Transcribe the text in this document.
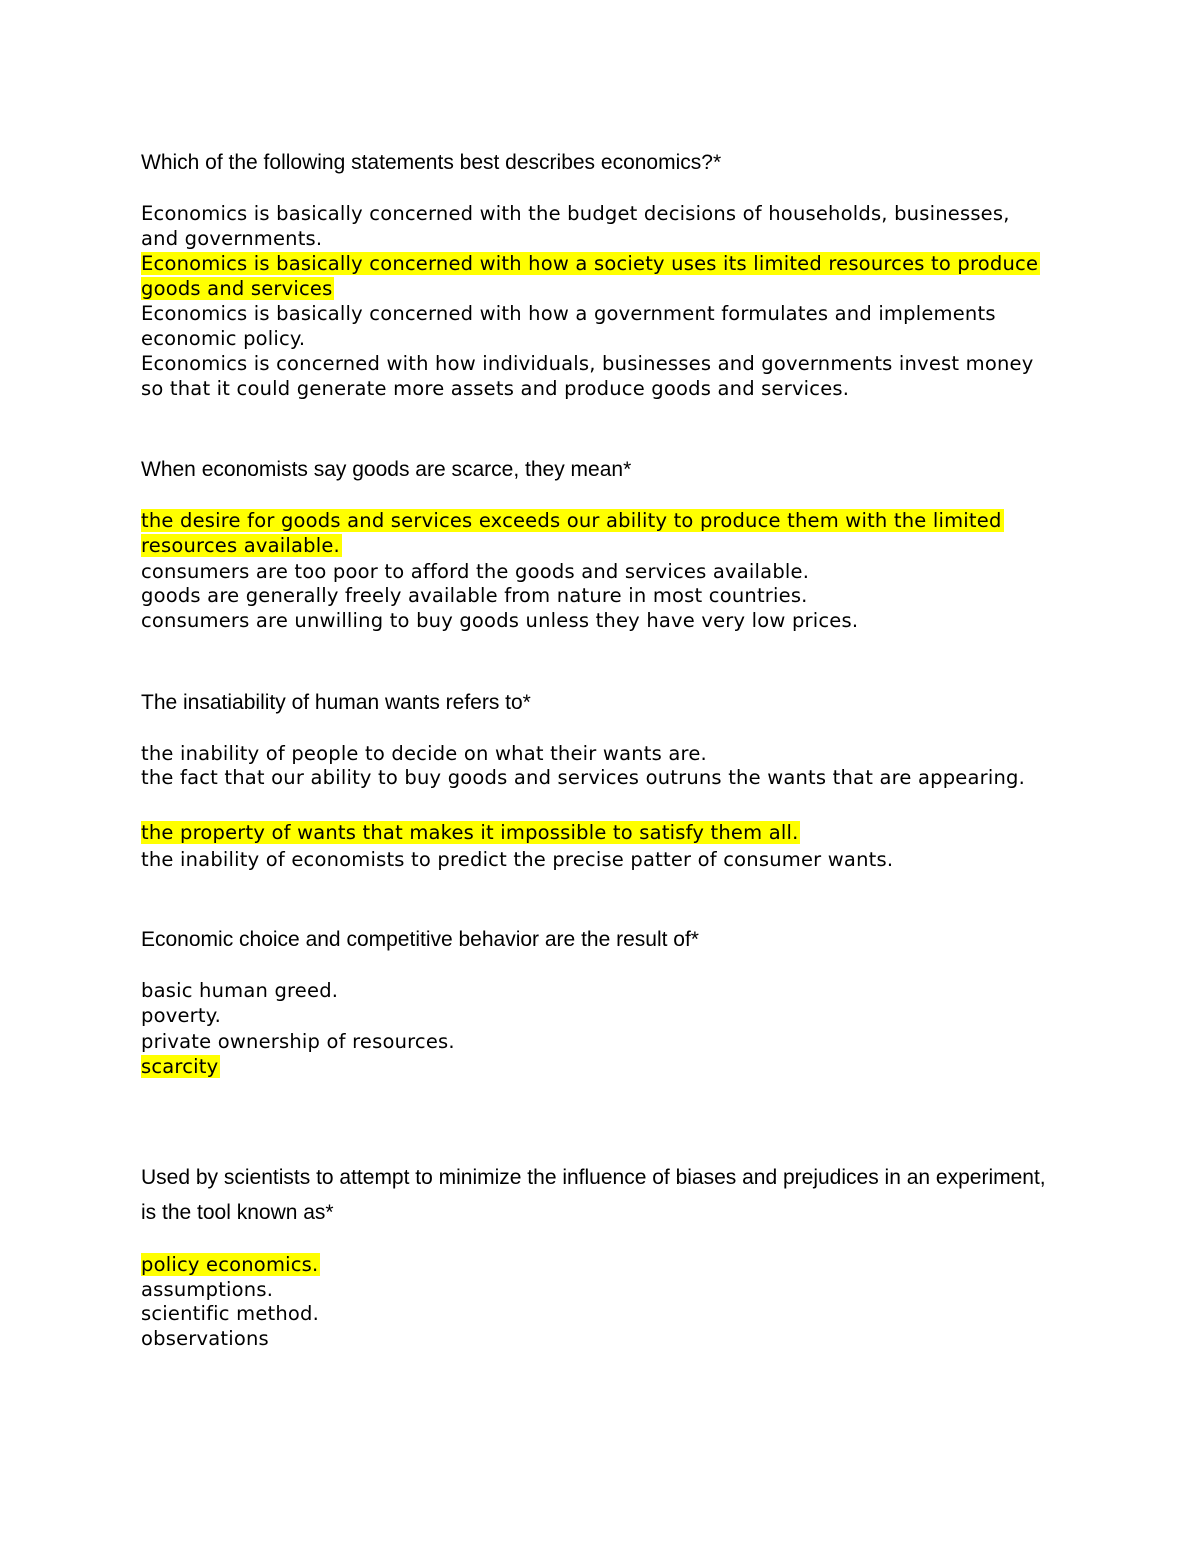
Which of the following statements best describes economics?*

Economics is basically concerned with the budget decisions of households, businesses, and governments.

Economics is basically concerned with how a society uses its limited resources to produce goods and services

Economics is basically concerned with how a government formulates and implements economic policy.

Economics is concerned with how individuals, businesses and governments invest money so that it could generate more assets and produce goods and services.

When economists say goods are scarce, they mean*

the desire for goods and services exceeds our ability to produce them with the limited resources available.

consumers are too poor to afford the goods and services available.

goods are generally freely available from nature in most countries.

consumers are unwilling to buy goods unless they have very low prices.

The insatiability of human wants refers to*

the inability of people to decide on what their wants are.

the fact that our ability to buy goods and services outruns the wants that are appearing.

the property of wants that makes it impossible to satisfy them all.

the inability of economists to predict the precise patter of consumer wants.

Economic choice and competitive behavior are the result of*

basic human greed.

poverty.

private ownership of resources.

scarcity

Used by scientists to attempt to minimize the influence of biases and prejudices in an experiment, is the tool known as*

policy economics.

assumptions.

scientific method.

observations
